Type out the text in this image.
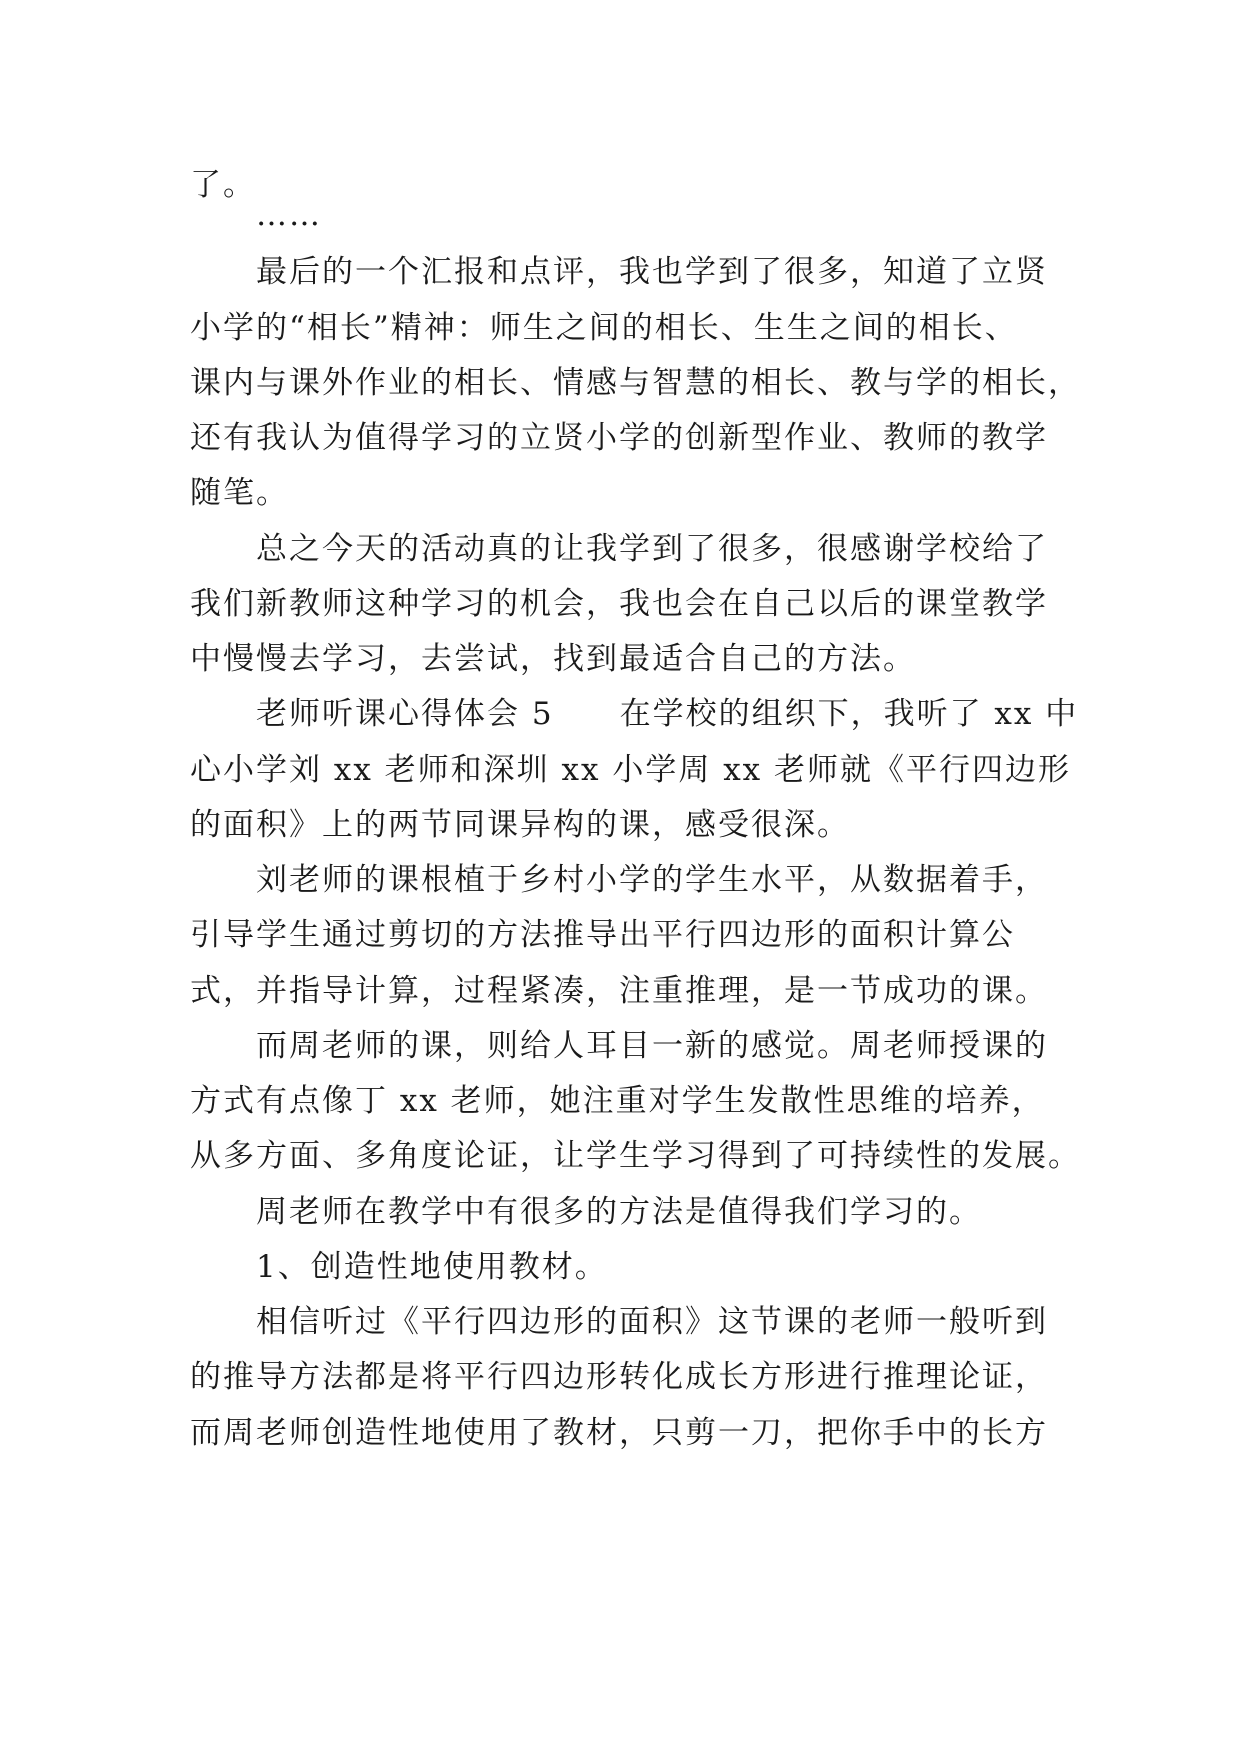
了。
……
最后的一个汇报和点评，我也学到了很多，知道了立贤
小学的“相长”精神：师生之间的相长、生生之间的相长、
课内与课外作业的相长、情感与智慧的相长、教与学的相长，
还有我认为值得学习的立贤小学的创新型作业、教师的教学
随笔。
总之今天的活动真的让我学到了很多，很感谢学校给了
我们新教师这种学习的机会，我也会在自己以后的课堂教学
中慢慢去学习，去尝试，找到最适合自己的方法。
老师听课心得体会 5　　在学校的组织下，我听了 xx 中
心小学刘 xx 老师和深圳 xx 小学周 xx 老师就《平行四边形
的面积》上的两节同课异构的课，感受很深。
刘老师的课根植于乡村小学的学生水平，从数据着手，
引导学生通过剪切的方法推导出平行四边形的面积计算公
式，并指导计算，过程紧凑，注重推理，是一节成功的课。
而周老师的课，则给人耳目一新的感觉。周老师授课的
方式有点像丁 xx 老师，她注重对学生发散性思维的培养，
从多方面、多角度论证，让学生学习得到了可持续性的发展。
周老师在教学中有很多的方法是值得我们学习的。
1、创造性地使用教材。
相信听过《平行四边形的面积》这节课的老师一般听到
的推导方法都是将平行四边形转化成长方形进行推理论证，
而周老师创造性地使用了教材，只剪一刀，把你手中的长方
